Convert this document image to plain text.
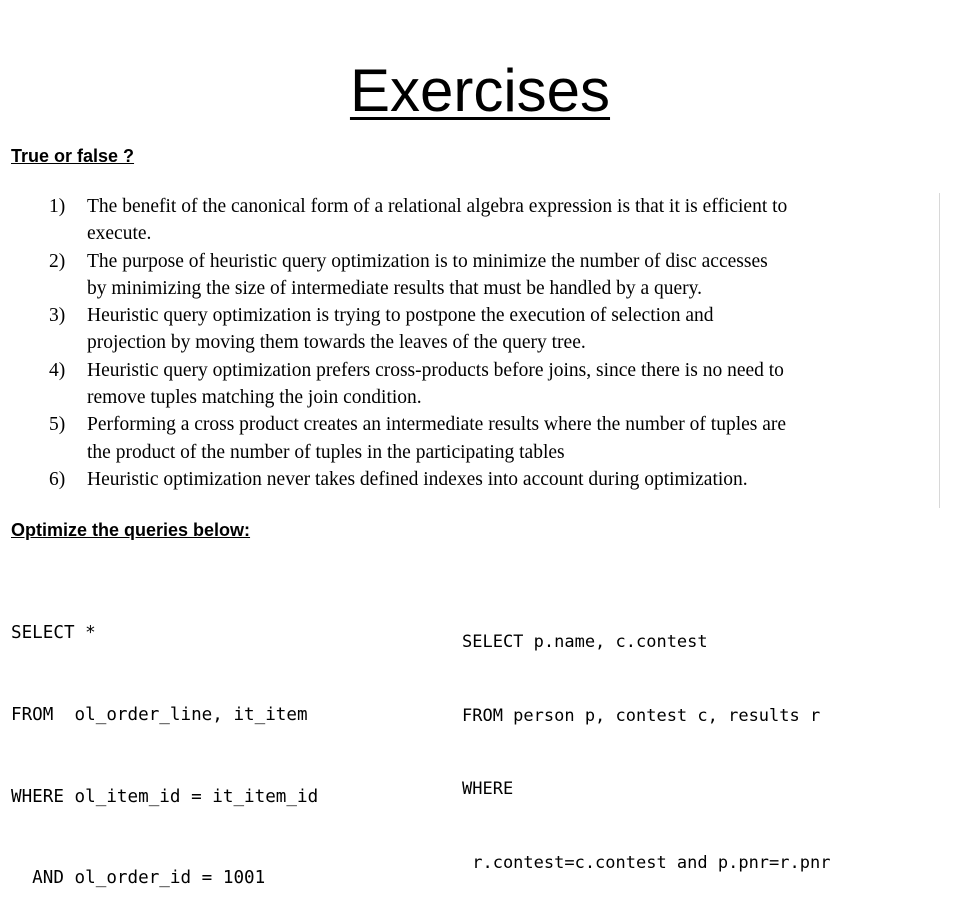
Exercises
True or false ?
1) The benefit of the canonical form of a relational algebra expression is that it is efficient to
execute.
2) The purpose of heuristic query optimization is to minimize the number of disc accesses
by minimizing the size of intermediate results that must be handled by a query.
3) Heuristic query optimization is trying to postpone the execution of selection and
projection by moving them towards the leaves of the query tree.
4) Heuristic query optimization prefers cross-products before joins, since there is no need to
remove tuples matching the join condition.
5) Performing a cross product creates an intermediate results where the number of tuples are
the product of the number of tuples in the participating tables
6) Heuristic optimization never takes defined indexes into account during optimization.
Optimize the queries below:

SELECT *

FROM  ol_order_line, it_item

WHERE ol_item_id = it_item_id

AND ol_order_id = 1001

SELECT p.name, c.contest

FROM person p, contest c, results r

WHERE

r.contest=c.contest and p.pnr=r.pnr
